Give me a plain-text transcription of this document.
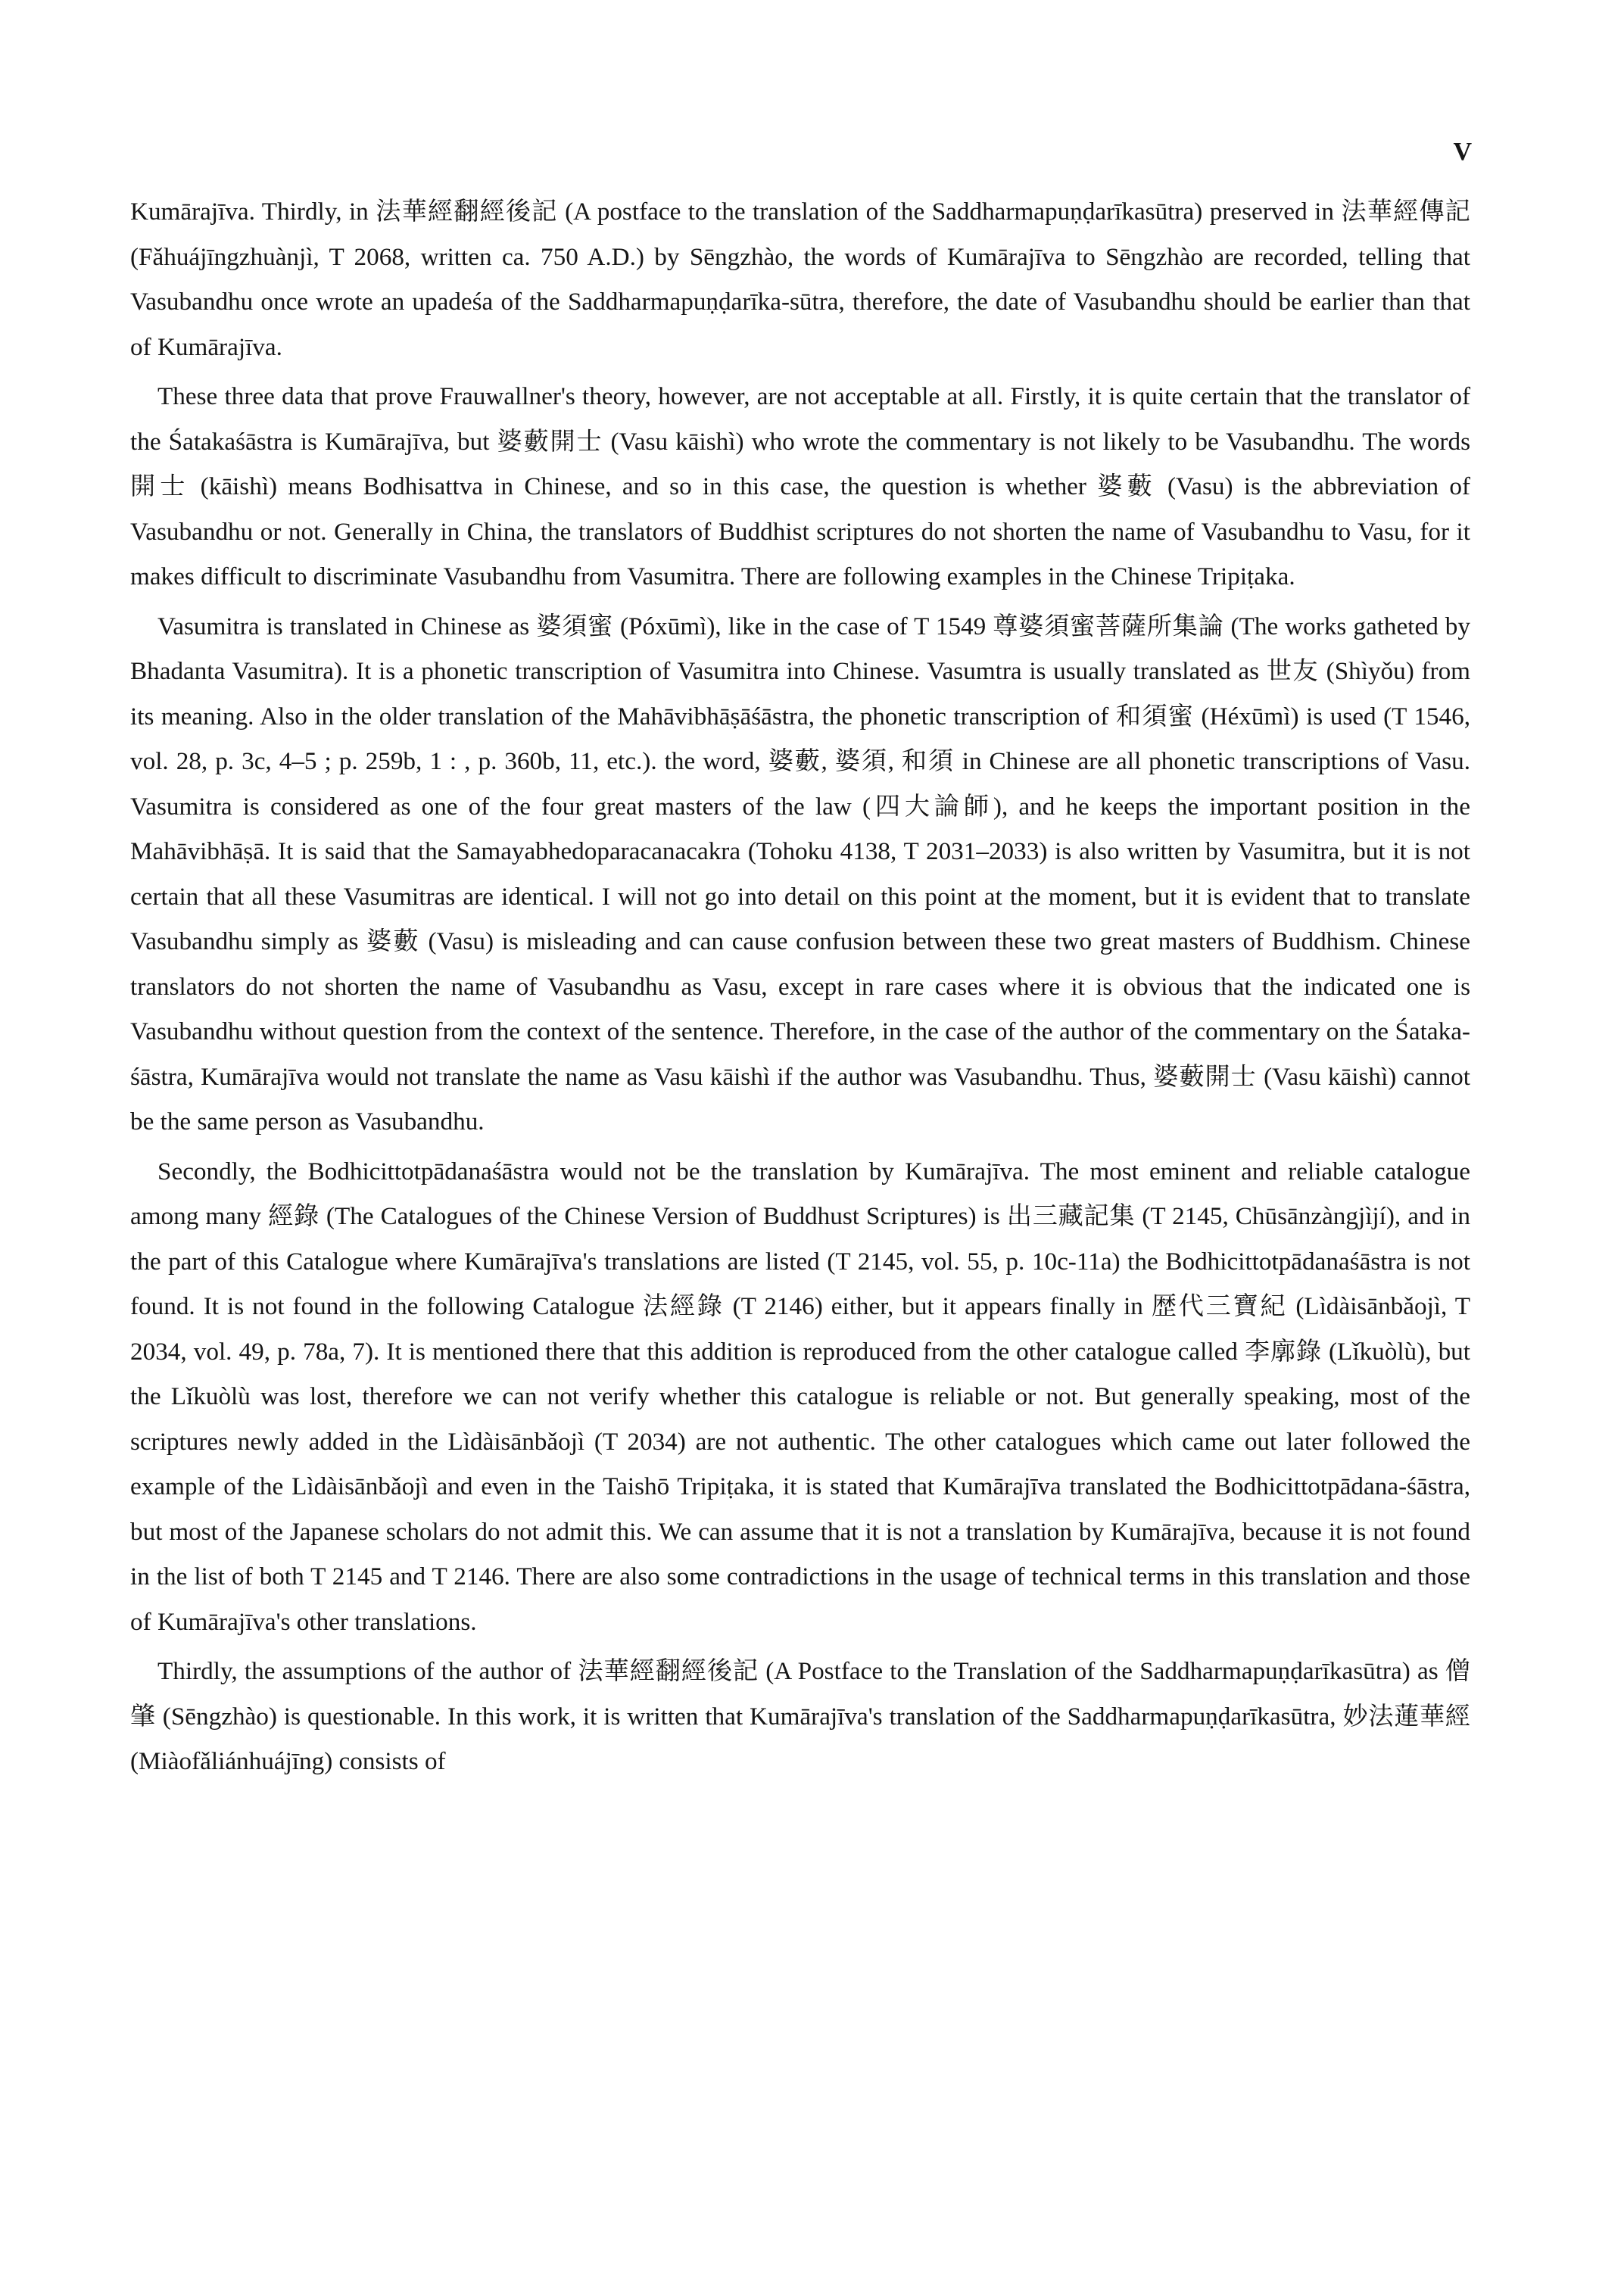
V

Kumārajīva. Thirdly, in 法華經翻經後記 (A postface to the translation of the Saddharmapuṇḍarīkasūtra) preserved in 法華經傳記 (Fǎhuájīngzhuànjì, T 2068, written ca. 750 A.D.) by Sēngzhào, the words of Kumārajīva to Sēngzhào are recorded, telling that Vasubandhu once wrote an upadeśa of the Saddharmapuṇḍarīka-sūtra, therefore, the date of Vasubandhu should be earlier than that of Kumārajīva.

These three data that prove Frauwallner's theory, however, are not acceptable at all. Firstly, it is quite certain that the translator of the Śatakaśāstra is Kumārajīva, but 婆藪開士 (Vasu kāishì) who wrote the commentary is not likely to be Vasubandhu. The words 開士 (kāishì) means Bodhisattva in Chinese, and so in this case, the question is whether 婆藪 (Vasu) is the abbreviation of Vasubandhu or not. Generally in China, the translators of Buddhist scriptures do not shorten the name of Vasubandhu to Vasu, for it makes difficult to discriminate Vasubandhu from Vasumitra. There are following examples in the Chinese Tripiṭaka.

Vasumitra is translated in Chinese as 婆須蜜 (Póxūmì), like in the case of T 1549 尊婆須蜜菩薩所集論 (The works gatheted by Bhadanta Vasumitra). It is a phonetic transcription of Vasumitra into Chinese. Vasumtra is usually translated as 世友 (Shìyǒu) from its meaning. Also in the older translation of the Mahāvibhāṣāśāstra, the phonetic transcription of 和須蜜 (Héxūmì) is used (T 1546, vol. 28, p. 3c, 4–5 ; p. 259b, 1 : , p. 360b, 11, etc.). the word, 婆藪, 婆須, 和須 in Chinese are all phonetic transcriptions of Vasu. Vasumitra is considered as one of the four great masters of the law (四大論師), and he keeps the important position in the Mahāvibhāṣā. It is said that the Samayabhedoparacanacakra (Tohoku 4138, T 2031–2033) is also written by Vasumitra, but it is not certain that all these Vasumitras are identical. I will not go into detail on this point at the moment, but it is evident that to translate Vasubandhu simply as 婆藪 (Vasu) is misleading and can cause confusion between these two great masters of Buddhism. Chinese translators do not shorten the name of Vasubandhu as Vasu, except in rare cases where it is obvious that the indicated one is Vasubandhu without question from the context of the sentence. Therefore, in the case of the author of the commentary on the Śataka-śāstra, Kumārajīva would not translate the name as Vasu kāishì if the author was Vasubandhu. Thus, 婆藪開士 (Vasu kāishì) cannot be the same person as Vasubandhu.

Secondly, the Bodhicittotpādanaśāstra would not be the translation by Kumārajīva. The most eminent and reliable catalogue among many 經錄 (The Catalogues of the Chinese Version of Buddhust Scriptures) is 出三藏記集 (T 2145, Chūsānzàngjìjí), and in the part of this Catalogue where Kumārajīva's translations are listed (T 2145, vol. 55, p. 10c-11a) the Bodhicittotpādanaśāstra is not found. It is not found in the following Catalogue 法經錄 (T 2146) either, but it appears finally in 歴代三寶紀 (Lìdàisānbǎojì, T 2034, vol. 49, p. 78a, 7). It is mentioned there that this addition is reproduced from the other catalogue called 李廓錄 (Lǐkuòlù), but the Lǐkuòlù was lost, therefore we can not verify whether this catalogue is reliable or not. But generally speaking, most of the scriptures newly added in the Lìdàisānbǎojì (T 2034) are not authentic. The other catalogues which came out later followed the example of the Lìdàisānbǎojì and even in the Taishō Tripiṭaka, it is stated that Kumārajīva translated the Bodhicittotpādana-śāstra, but most of the Japanese scholars do not admit this. We can assume that it is not a translation by Kumārajīva, because it is not found in the list of both T 2145 and T 2146. There are also some contradictions in the usage of technical terms in this translation and those of Kumārajīva's other translations.

Thirdly, the assumptions of the author of 法華經翻經後記 (A Postface to the Translation of the Saddharmapuṇḍarīkasūtra) as 僧肇 (Sēngzhào) is questionable. In this work, it is written that Kumārajīva's translation of the Saddharmapuṇḍarīkasūtra, 妙法蓮華經 (Miàofǎliánhuájīng) consists of
